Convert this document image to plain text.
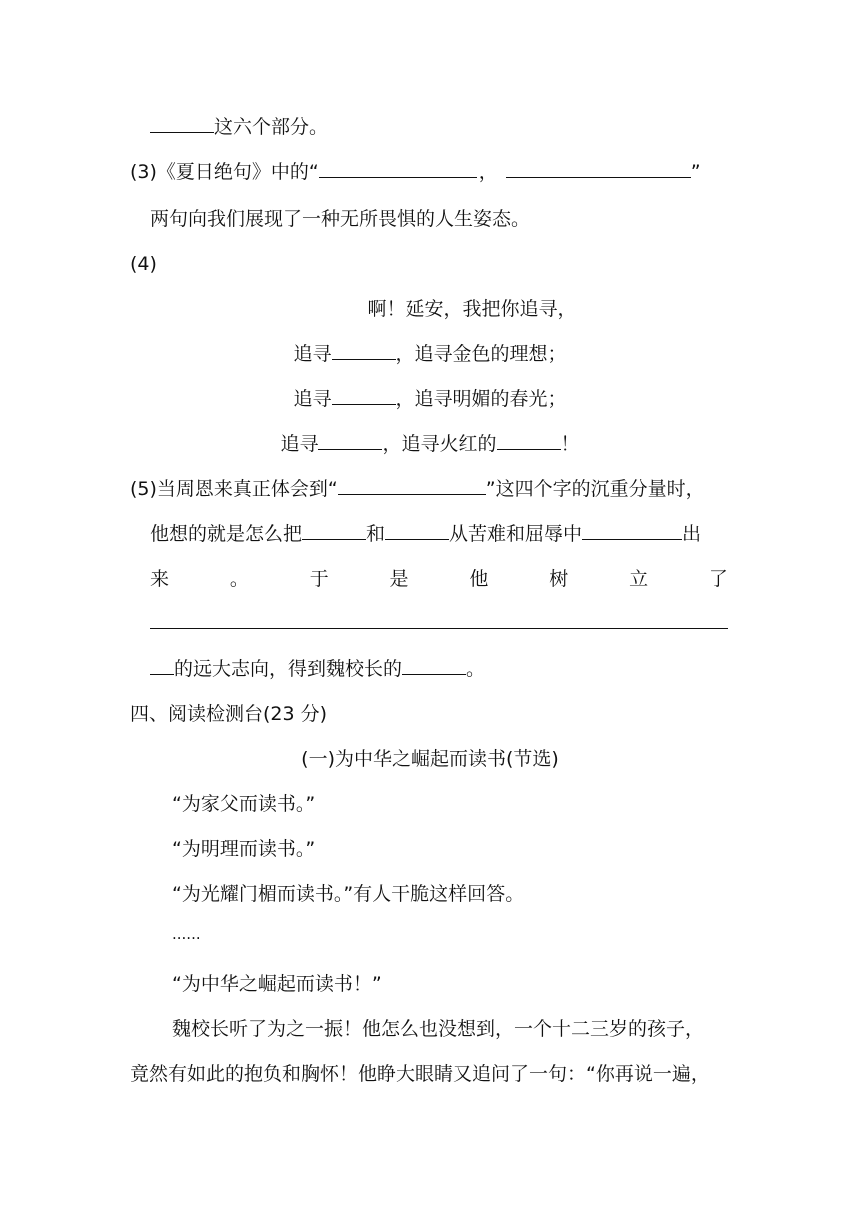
这六个部分。
(3)《夏日绝句》中的“	，	”
两句向我们展现了一种无所畏惧的人生姿态。
(4)
啊！延安，我把你追寻，
追寻	，追寻金色的理想；
追寻	，追寻明媚的春光；
追寻	，追寻火红的	！
(5)当周恩来真正体会到“	”这四个字的沉重分量时，
他想的就是怎么把	和	从苦难和屈辱中	出
来	。	于	是	他	树	立	了
的远大志向，得到魏校长的	。
四、阅读检测台(23 分)
(一)为中华之崛起而读书(节选)
“为家父而读书。”
“为明理而读书。”
“为光耀门楣而读书。”有人干脆这样回答。
......
“为中华之崛起而读书！”
魏校长听了为之一振！他怎么也没想到，一个十二三岁的孩子，
竟然有如此的抱负和胸怀！他睁大眼睛又追问了一句：“你再说一遍，
